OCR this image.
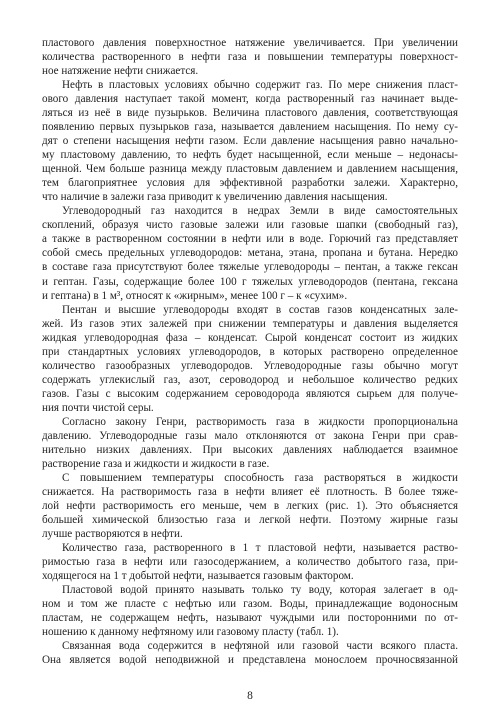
пластового давления поверхностное натяжение увеличивается. При увеличении
количества растворенного в нефти газа и повышении температуры поверхност-
ное натяжение нефти снижается.
Нефть в пластовых условиях обычно содержит газ. По мере снижения пласт-
ового давления наступает такой момент, когда растворенный газ начинает выде-
ляться из неё в виде пузырьков. Величина пластового давления, соответствующая
появлению первых пузырьков газа, называется давлением насыщения. По нему су-
дят о степени насыщения нефти газом. Если давление насыщения равно начально-
му пластовому давлению, то нефть будет насыщенной, если меньше – недонасы-
щенной. Чем больше разница между пластовым давлением и давлением насыщения,
тем благоприятнее условия для эффективной разработки залежи. Характерно,
что наличие в залежи газа приводит к увеличению давления насыщения.
Углеводородный газ находится в недрах Земли в виде самостоятельных
скоплений, образуя чисто газовые залежи или газовые шапки (свободный газ),
а также в растворенном состоянии в нефти или в воде. Горючий газ представляет
собой смесь предельных углеводородов: метана, этана, пропана и бутана. Нередко
в составе газа присутствуют более тяжелые углеводороды – пентан, а также гексан
и гептан. Газы, содержащие более 100 г тяжелых углеводородов (пентана, гексана
и гептана) в 1 м³, относят к «жирным», менее 100 г – к «сухим».
Пентан и высшие углеводороды входят в состав газов конденсатных зале-
жей. Из газов этих залежей при снижении температуры и давления выделяется
жидкая углеводородная фаза – конденсат. Сырой конденсат состоит из жидких
при стандартных условиях углеводородов, в которых растворено определенное
количество газообразных углеводородов. Углеводородные газы обычно могут
содержать углекислый газ, азот, сероводород и небольшое количество редких
газов. Газы с высоким содержанием сероводорода являются сырьем для получе-
ния почти чистой серы.
Согласно закону Генри, растворимость газа в жидкости пропорциональна
давлению. Углеводородные газы мало отклоняются от закона Генри при срав-
нительно низких давлениях. При высоких давлениях наблюдается взаимное
растворение газа и жидкости и жидкости в газе.
С повышением температуры способность газа растворяться в жидкости
снижается. На растворимость газа в нефти влияет её плотность. В более тяже-
лой нефти растворимость его меньше, чем в легких (рис. 1). Это объясняется
большей химической близостью газа и легкой нефти. Поэтому жирные газы
лучше растворяются в нефти.
Количество газа, растворенного в 1 т пластовой нефти, называется раство-
римостью газа в нефти или газосодержанием, а количество добытого газа, при-
ходящегося на 1 т добытой нефти, называется газовым фактором.
Пластовой водой принято называть только ту воду, которая залегает в од-
ном и том же пласте с нефтью или газом. Воды, принадлежащие водоносным
пластам, не содержащем нефть, называют чуждыми или посторонними по от-
ношению к данному нефтяному или газовому пласту (табл. 1).
Связанная вода содержится в нефтяной или газовой части всякого пласта.
Она является водой неподвижной и представлена монослоем прочносвязанной
8
